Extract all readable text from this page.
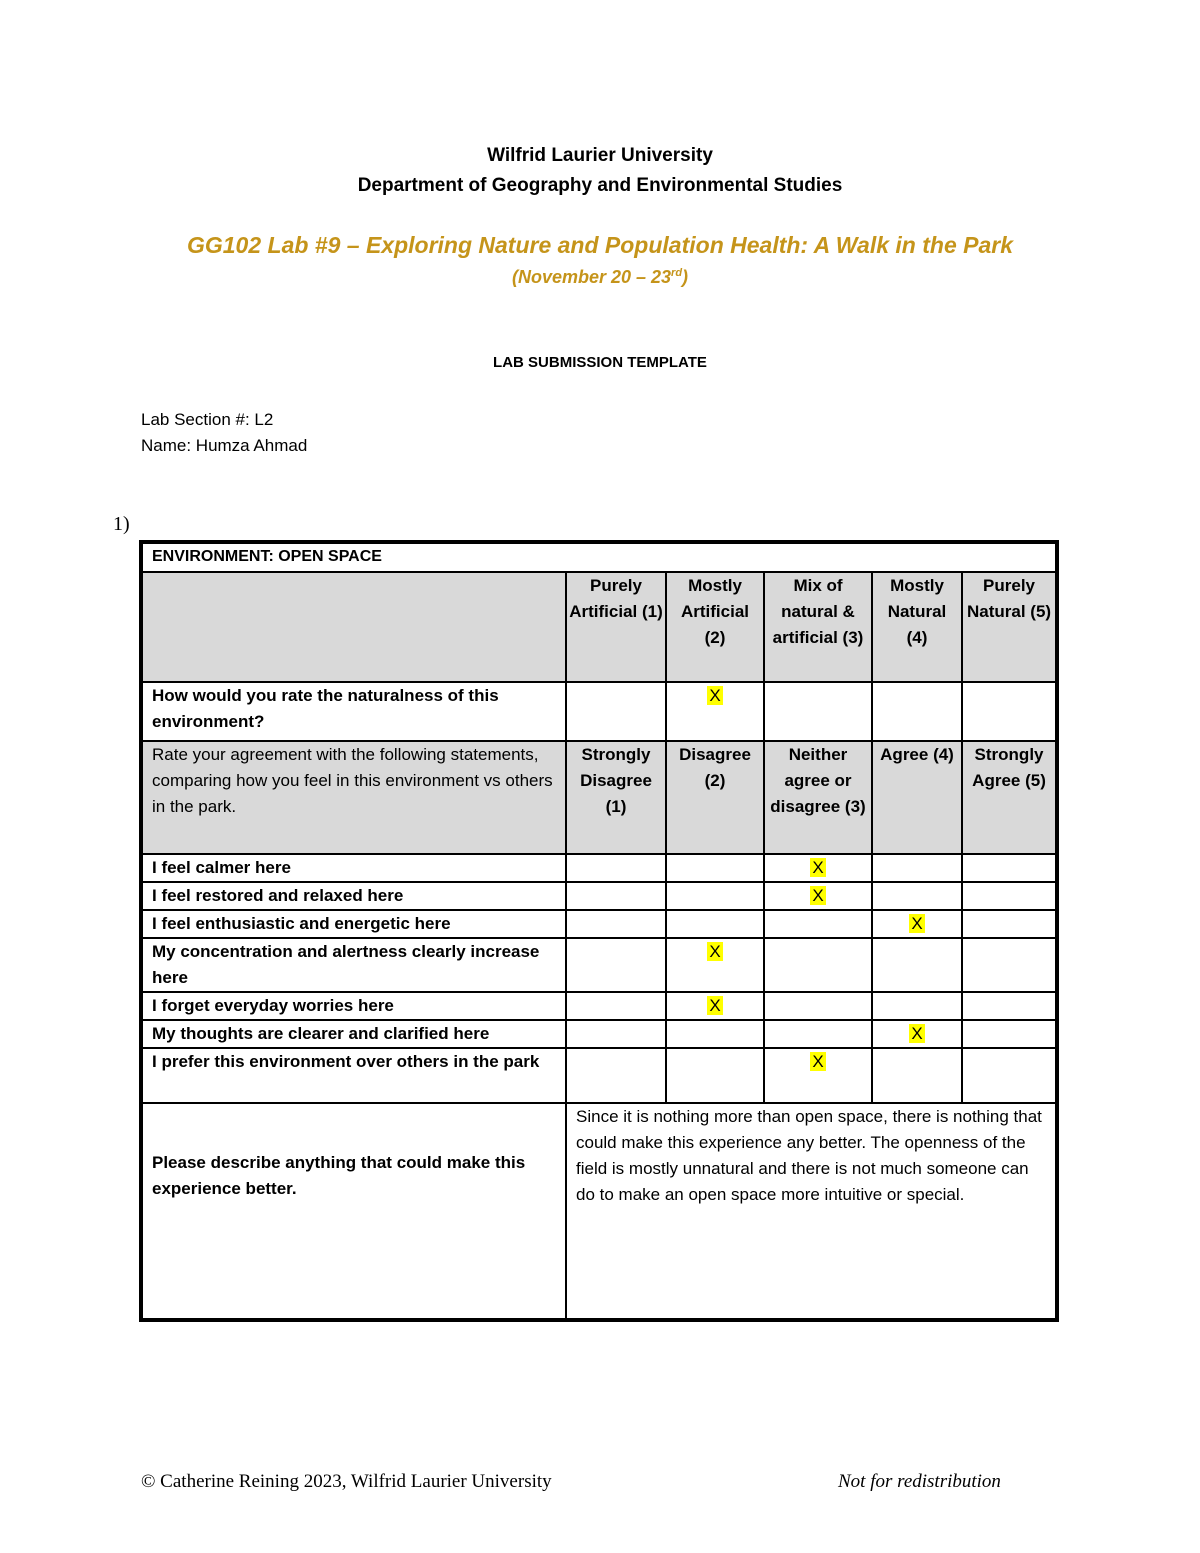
Wilfrid Laurier University
Department of Geography and Environmental Studies
GG102 Lab #9 – Exploring Nature and Population Health: A Walk in the Park
(November 20 – 23rd)
LAB SUBMISSION TEMPLATE
Lab Section #: L2
Name: Humza Ahmad
1)
ENVIRONMENT: OPEN SPACE					
	Purely Artificial (1)	Mostly Artificial (2)	Mix of natural & artificial (3)	Mostly Natural (4)	Purely Natural (5)
How would you rate the naturalness of this environment?		X			
Rate your agreement with the following statements, comparing how you feel in this environment vs others in the park.	Strongly Disagree (1)	Disagree (2)	Neither agree or disagree (3)	Agree (4)	Strongly Agree (5)
I feel calmer here			X		
I feel restored and relaxed here			X		
I feel enthusiastic and energetic here				X	
My concentration and alertness clearly increase here		X			
I forget everyday worries here		X			
My thoughts are clearer and clarified here				X	
I prefer this environment over others in the park			X		
Please describe anything that could make this experience better.	Since it is nothing more than open space, there is nothing that could make this experience any better. The openness of the field is mostly unnatural and there is not much someone can do to make an open space more intuitive or special.				
© Catherine Reining 2023, Wilfrid Laurier University	Not for redistribution
